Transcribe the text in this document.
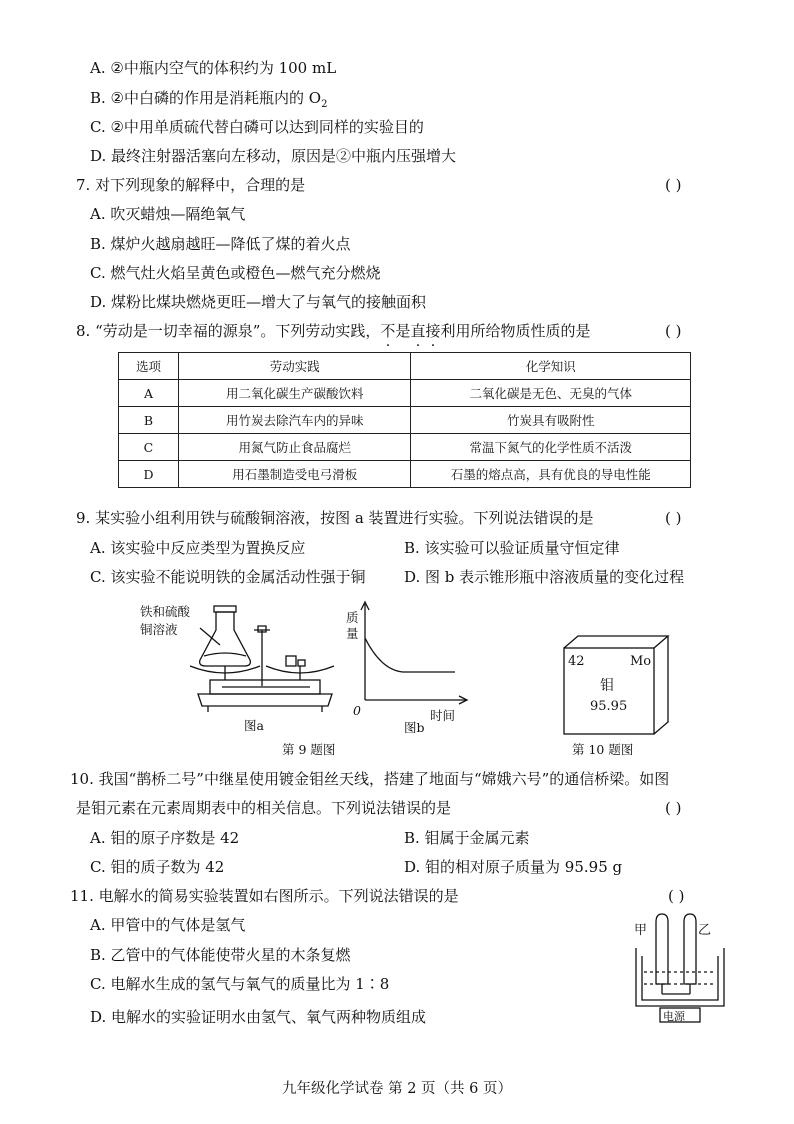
A. ②中瓶内空气的体积约为 100 mL
B. ②中白磷的作用是消耗瓶内的 $O_2$
C. ②中用单质硫代替白磷可以达到同样的实验目的
D. 最终注射器活塞向左移动，原因是②中瓶内压强增大
7. 对下列现象的解释中，合理的是	( )
A. 吹灭蜡烛—隔绝氧气
B. 煤炉火越扇越旺—降低了煤的着火点
C. 燃气灶火焰呈黄色或橙色—燃气充分燃烧
D. 煤粉比煤块燃烧更旺—增大了与氧气的接触面积
8. “劳动是一切幸福的源泉”。下列劳动实践，不是直接利用所给物质性质的是	( )
选项	劳动实践	化学知识
A	用二氧化碳生产碳酸饮料	二氧化碳是无色、无臭的气体
B	用竹炭去除汽车内的异味	竹炭具有吸附性
C	用氮气防止食品腐烂	常温下氮气的化学性质不活泼
D	用石墨制造受电弓滑板	石墨的熔点高，具有优良的导电性能
9. 某实验小组利用铁与硫酸铜溶液，按图 a 装置进行实验。下列说法错误的是	( )
A. 该实验中反应类型为置换反应	B. 该实验可以验证质量守恒定律
C. 该实验不能说明铁的金属活动性强于铜	D. 图 b 表示锥形瓶中溶液质量的变化过程
铁和硫酸
铜溶液
图a
质
量
0	时间
图b
第 9 题图
42	Mo
钼
95.95
第 10 题图
10. 我国“鹊桥二号”中继星使用镀金钼丝天线，搭建了地面与“嫦娥六号”的通信桥梁。如图
是钼元素在元素周期表中的相关信息。下列说法错误的是	( )
A. 钼的原子序数是 42	B. 钼属于金属元素
C. 钼的质子数为 42	D. 钼的相对原子质量为 95.95 g
11. 电解水的简易实验装置如右图所示。下列说法错误的是	( )
A. 甲管中的气体是氢气
B. 乙管中的气体能使带火星的木条复燃
C. 电解水生成的氢气与氧气的质量比为 1∶8
D. 电解水的实验证明水由氢气、氧气两种物质组成
甲	乙
电源
九年级化学试卷 第 2 页（共 6 页）
